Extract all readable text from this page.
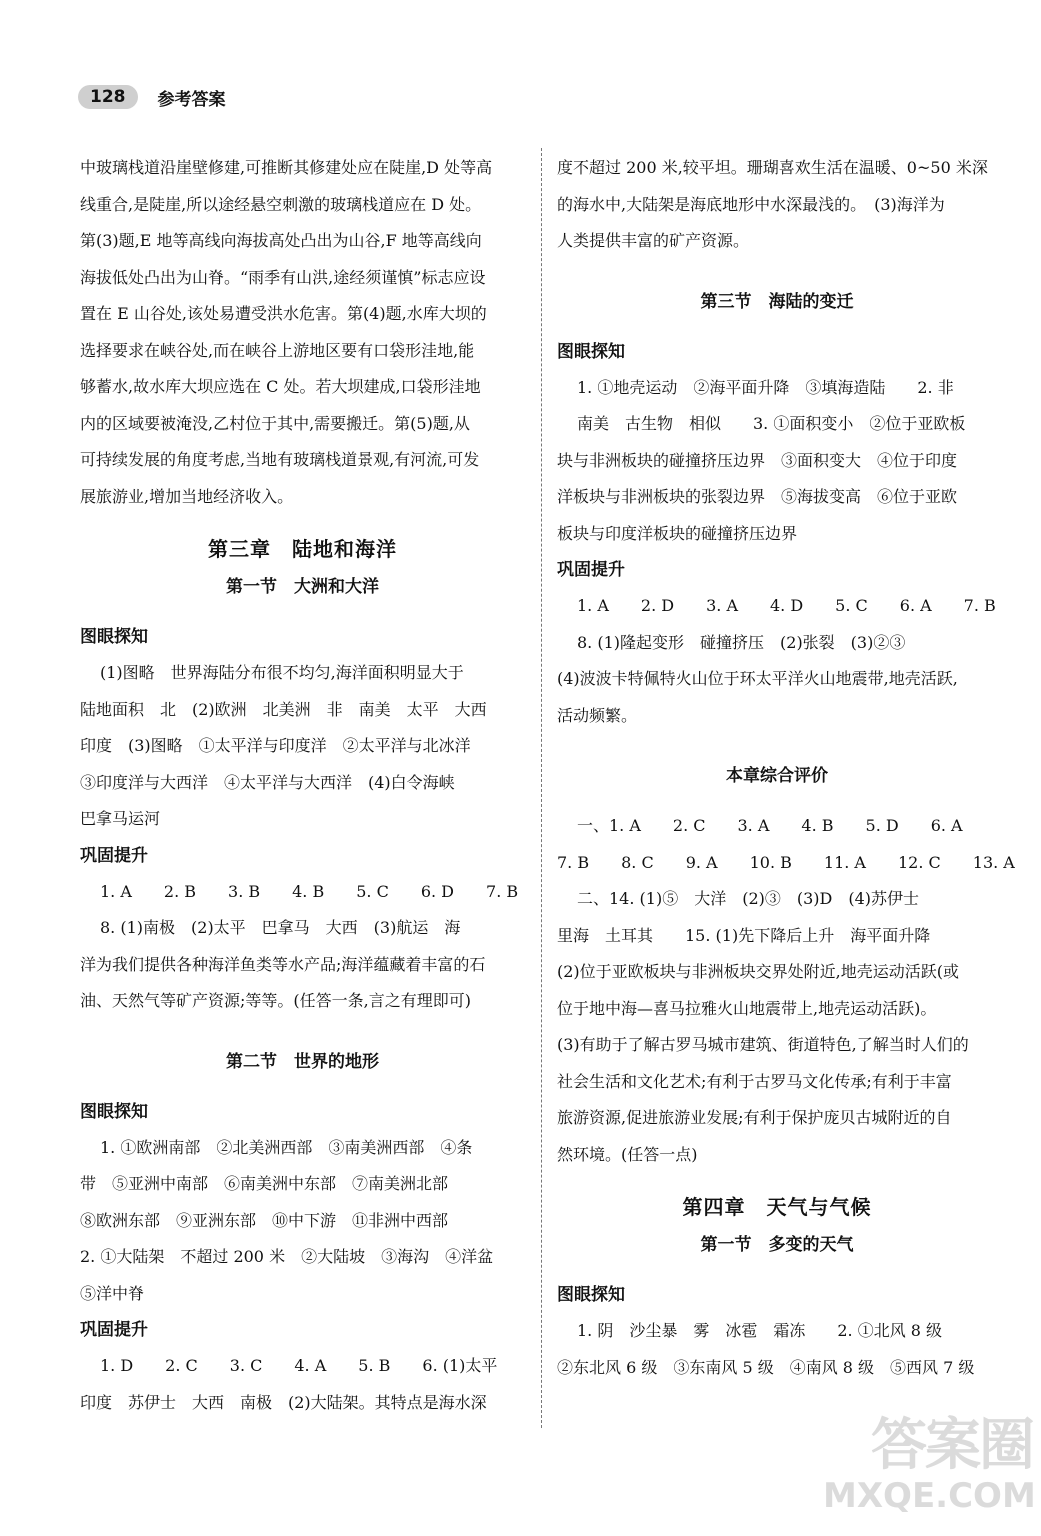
128	参考答案

中玻璃栈道沿崖壁修建,可推断其修建处应在陡崖,D 处等高

线重合,是陡崖,所以途经悬空刺激的玻璃栈道应在 D 处。

第(3)题,E 地等高线向海拔高处凸出为山谷,F 地等高线向

海拔低处凸出为山脊。“雨季有山洪,途经须谨慎”标志应设

置在 E 山谷处,该处易遭受洪水危害。第(4)题,水库大坝的

选择要求在峡谷处,而在峡谷上游地区要有口袋形洼地,能

够蓄水,故水库大坝应选在 C 处。若大坝建成,口袋形洼地

内的区域要被淹没,乙村位于其中,需要搬迁。第(5)题,从

可持续发展的角度考虑,当地有玻璃栈道景观,有河流,可发

展旅游业,增加当地经济收入。

第三章　陆地和海洋

第一节　大洲和大洋

图眼探知

(1)图略　世界海陆分布很不均匀,海洋面积明显大于

陆地面积　北　(2)欧洲　北美洲　非　南美　太平　大西

印度　(3)图略　①太平洋与印度洋　②太平洋与北冰洋

③印度洋与大西洋　④太平洋与大西洋　(4)白令海峡

巴拿马运河

巩固提升

1. A　　2. B　　3. B　　4. B　　5. C　　6. D　　7. B

8. (1)南极　(2)太平　巴拿马　大西　(3)航运　海

洋为我们提供各种海洋鱼类等水产品;海洋蕴藏着丰富的石

油、天然气等矿产资源;等等。(任答一条,言之有理即可)

第二节　世界的地形

图眼探知

1. ①欧洲南部　②北美洲西部　③南美洲西部　④条

带　⑤亚洲中南部　⑥南美洲中东部　⑦南美洲北部

⑧欧洲东部　⑨亚洲东部　⑩中下游　⑪非洲中西部

2. ①大陆架　不超过 200 米　②大陆坡　③海沟　④洋盆

⑤洋中脊

巩固提升

1. D　　2. C　　3. C　　4. A　　5. B　　6. (1)太平

印度　苏伊士　大西　南极　(2)大陆架。其特点是海水深

度不超过 200 米,较平坦。珊瑚喜欢生活在温暖、0~50 米深

的海水中,大陆架是海底地形中水深最浅的。　(3)海洋为

人类提供丰富的矿产资源。

第三节　海陆的变迁

图眼探知

1. ①地壳运动　②海平面升降　③填海造陆　　2. 非

南美　古生物　相似　　3. ①面积变小　②位于亚欧板

块与非洲板块的碰撞挤压边界　③面积变大　④位于印度

洋板块与非洲板块的张裂边界　⑤海拔变高　⑥位于亚欧

板块与印度洋板块的碰撞挤压边界

巩固提升

1. A　　2. D　　3. A　　4. D　　5. C　　6. A　　7. B

8. (1)隆起变形　碰撞挤压　(2)张裂　(3)②③

(4)波波卡特佩特火山位于环太平洋火山地震带,地壳活跃,

活动频繁。

本章综合评价

一、1. A　　2. C　　3. A　　4. B　　5. D　　6. A

7. B　　8. C　　9. A　　10. B　　11. A　　12. C　　13. A

二、14. (1)⑤　大洋　(2)③　(3)D　(4)苏伊士

里海　土耳其　　15. (1)先下降后上升　海平面升降

(2)位于亚欧板块与非洲板块交界处附近,地壳运动活跃(或

位于地中海—喜马拉雅火山地震带上,地壳运动活跃)。

(3)有助于了解古罗马城市建筑、街道特色,了解当时人们的

社会生活和文化艺术;有利于古罗马文化传承;有利于丰富

旅游资源,促进旅游业发展;有利于保护庞贝古城附近的自

然环境。(任答一点)

第四章　天气与气候

第一节　多变的天气

图眼探知

1. 阴　沙尘暴　雾　冰雹　霜冻　　2. ①北风 8 级

②东北风 6 级　③东南风 5 级　④南风 8 级　⑤西风 7 级

答案圈
MXQE.COM
